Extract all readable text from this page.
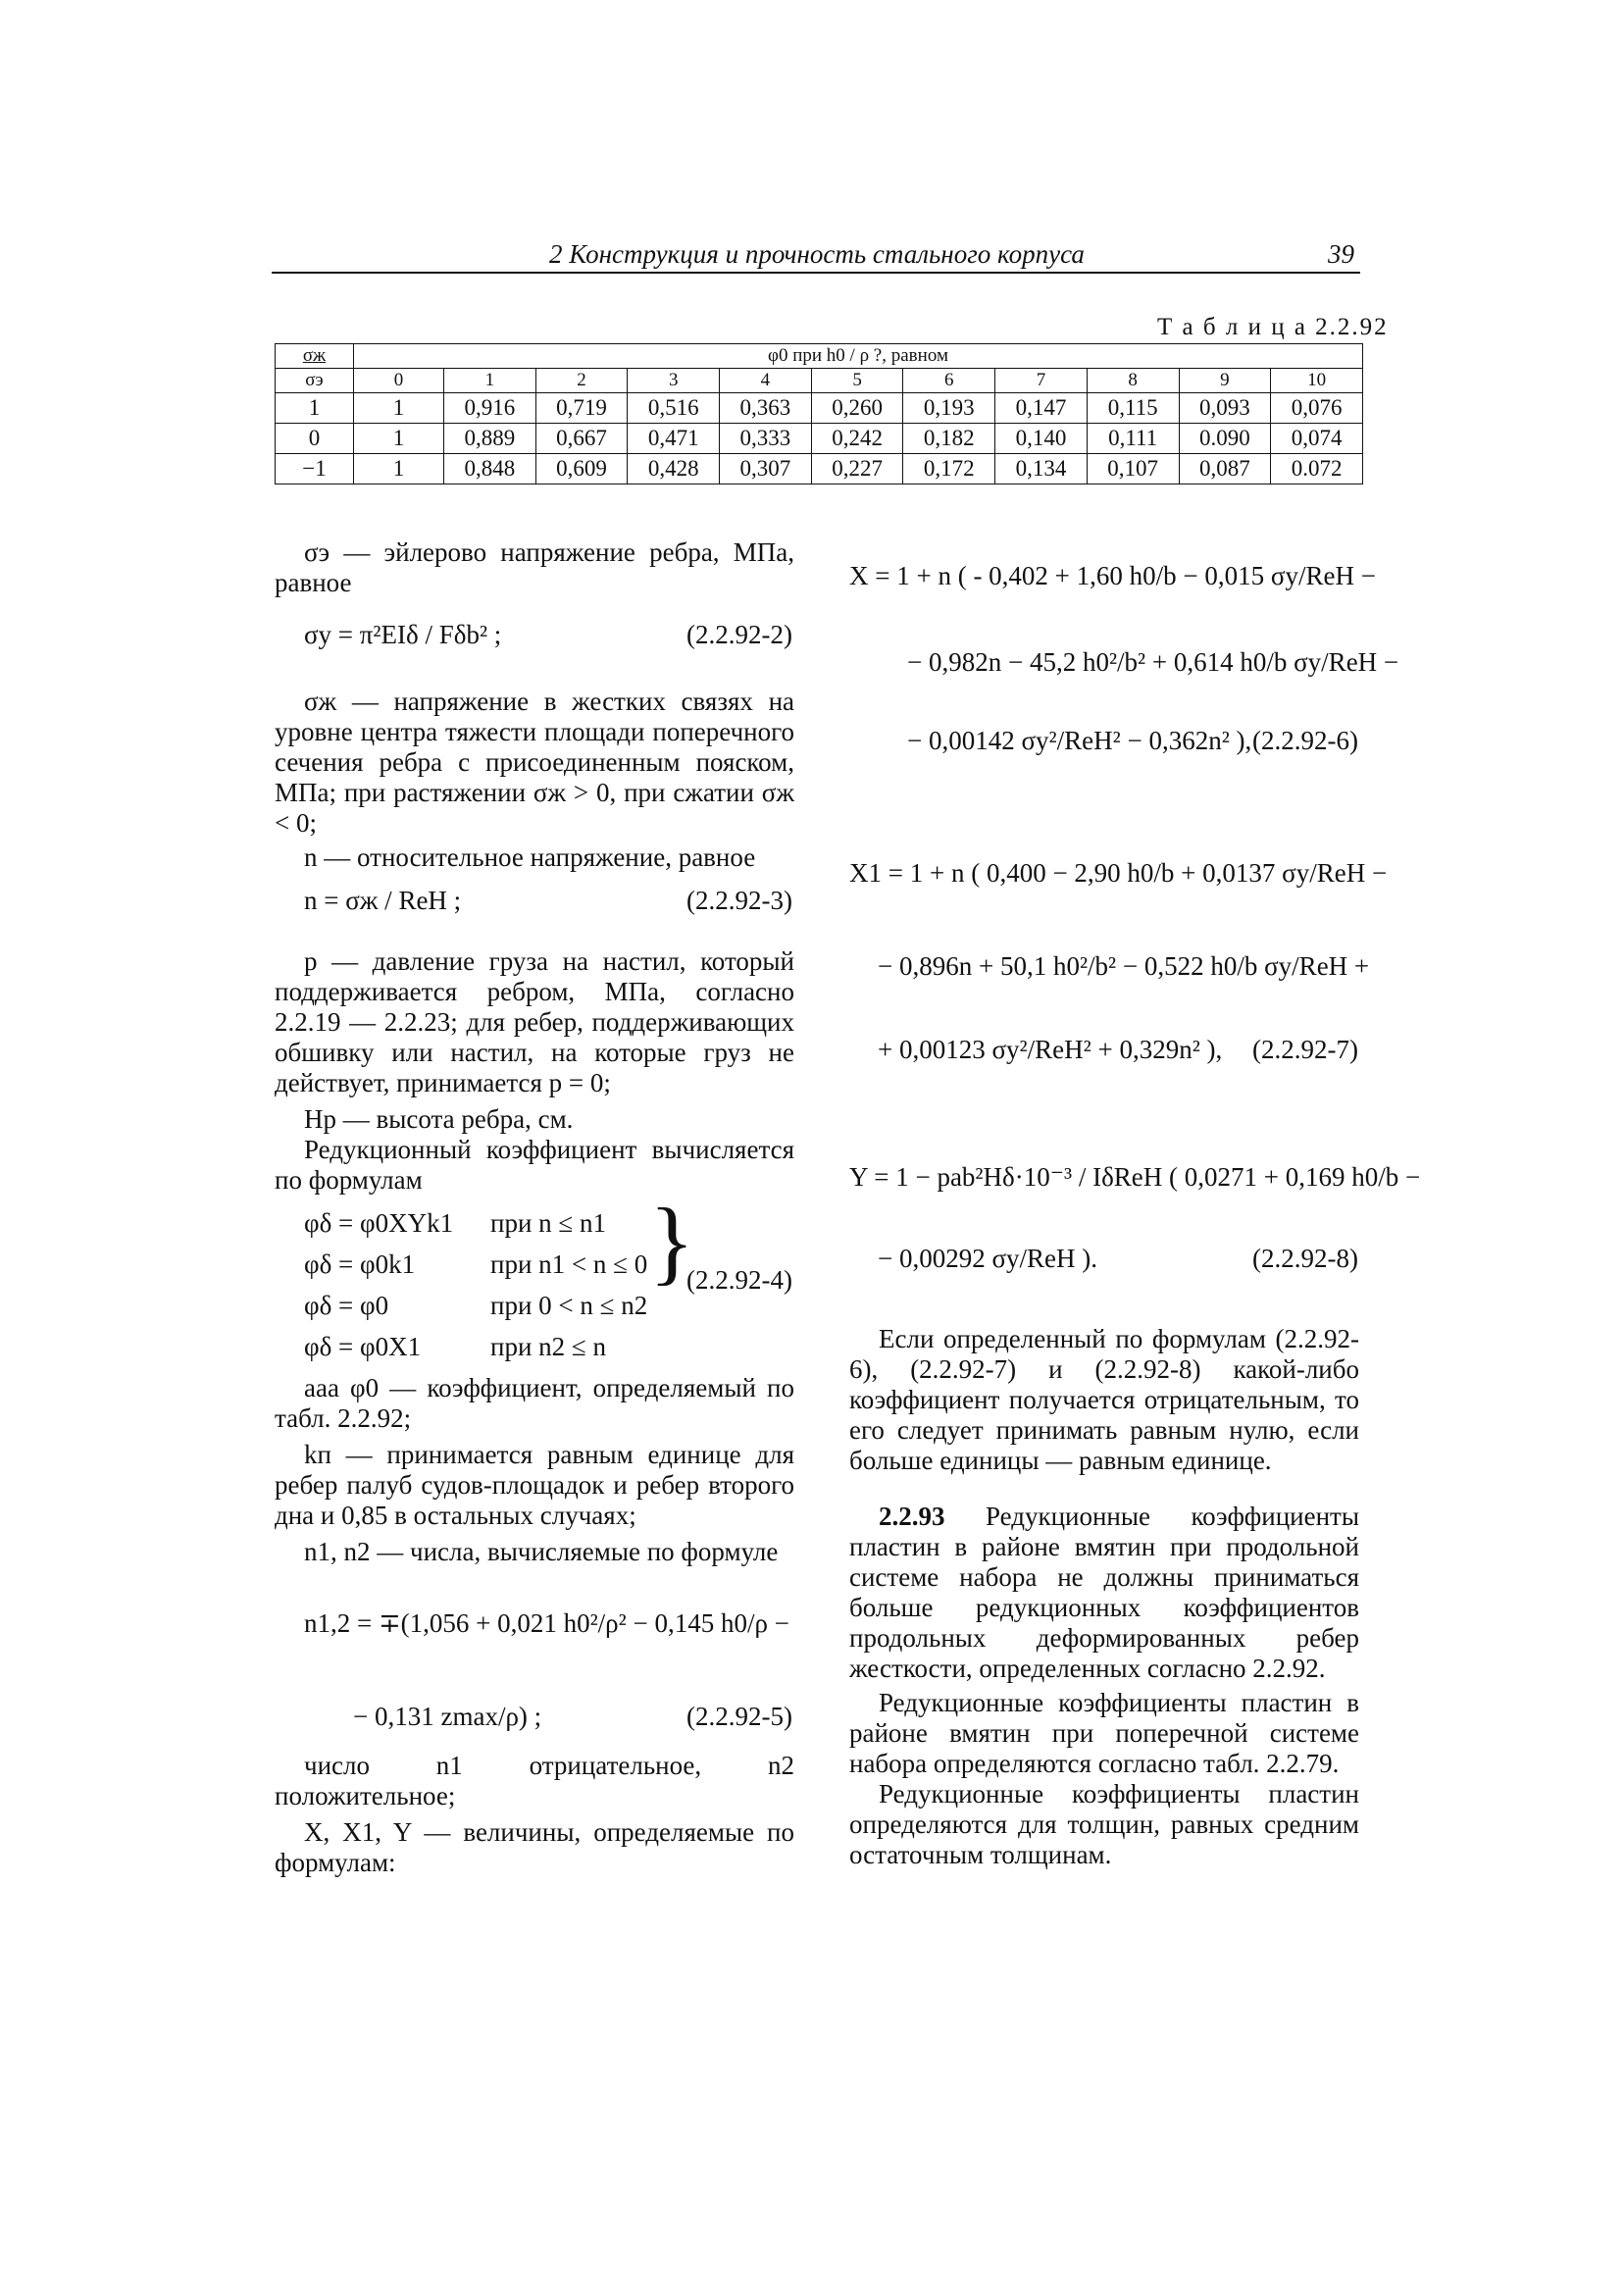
2 Конструкция и прочность стального корпуса	39
Т а б л и ц а 2.2.92
σж	φ0 при h0 / ρ ?, равном										
σэ	0	1	2	3	4	5	6	7	8	9	10
1	1	0,916	0,719	0,516	0,363	0,260	0,193	0,147	0,115	0,093	0,076
0	1	0,889	0,667	0,471	0,333	0,242	0,182	0,140	0,111	0.090	0,074
−1	1	0,848	0,609	0,428	0,307	0,227	0,172	0,134	0,107	0,087	0.072

σэ — эйлерово напряжение ребра, МПа, равное

σу = π²EIδ / Fδb² ;	(2.2.92-2)

σж — напряжение в жестких связях на уровне центра тяжести площади поперечного сечения ребра с присоединенным пояском, МПа; при растяжении σж > 0, при сжатии σж < 0;

n — относительное напряжение, равное

n = σж / ReH ;	(2.2.92-3)

p — давление груза на настил, который поддерживается ребром, МПа, согласно 2.2.19 — 2.2.23; для ребер, поддерживающих обшивку или настил, на которые груз не действует, принимается p = 0;

Hр — высота ребра, см.

Редукционный коэффициент вычисляется по формулам

φδ = φ0XYk1 при n ≤ n1
φδ = φ0k1	при n1 < n ≤ 0
φδ = φ0	при 0 < n ≤ n2
φδ = φ0X1	при n2 ≤ n
}
(2.2.92-4)

ааа φ0 — коэффициент, определяемый по табл. 2.2.92;

kп — принимается равным единице для ребер палуб судов-площадок и ребер второго дна и 0,85 в остальных случаях;

n1, n2 — числа, вычисляемые по формуле

n1,2 = ∓(1,056 + 0,021 h0²/ρ² − 0,145 h0/ρ −
− 0,131 zmax/ρ) ;	(2.2.92-5)

число n1 отрицательное, n2 положительное;

X, X1, Y — величины, определяемые по формулам:

X = 1 + n ( - 0,402 + 1,60 h0/b − 0,015 σу/ReH −
− 0,982n − 45,2 h0²/b² + 0,614 h0/b σу/ReH −
− 0,00142 σу²/ReH² − 0,362n² ), (2.2.92-6)
X1 = 1 + n ( 0,400 − 2,90 h0/b + 0,0137 σу/ReH −
− 0,896n + 50,1 h0²/b² − 0,522 h0/b σу/ReH +
+ 0,00123 σу²/ReH² + 0,329n² ), (2.2.92-7)
Y = 1 − pab²Hδ·10⁻³ / IδReH ( 0,0271 + 0,169 h0/b −
− 0,00292 σу/ReH ).	(2.2.92-8)

Если определенный по формулам (2.2.92-6), (2.2.92-7) и (2.2.92-8) какой-либо коэффициент получается отрицательным, то его следует принимать равным нулю, если больше единицы — равным единице.

2.2.93 Редукционные коэффициенты пластин в районе вмятин при продольной системе набора не должны приниматься больше редукционных коэффициентов продольных деформированных ребер жесткости, определенных согласно 2.2.92.

Редукционные коэффициенты пластин в районе вмятин при поперечной системе набора определяются согласно табл. 2.2.79.

Редукционные коэффициенты пластин определяются для толщин, равных средним остаточным толщинам.
